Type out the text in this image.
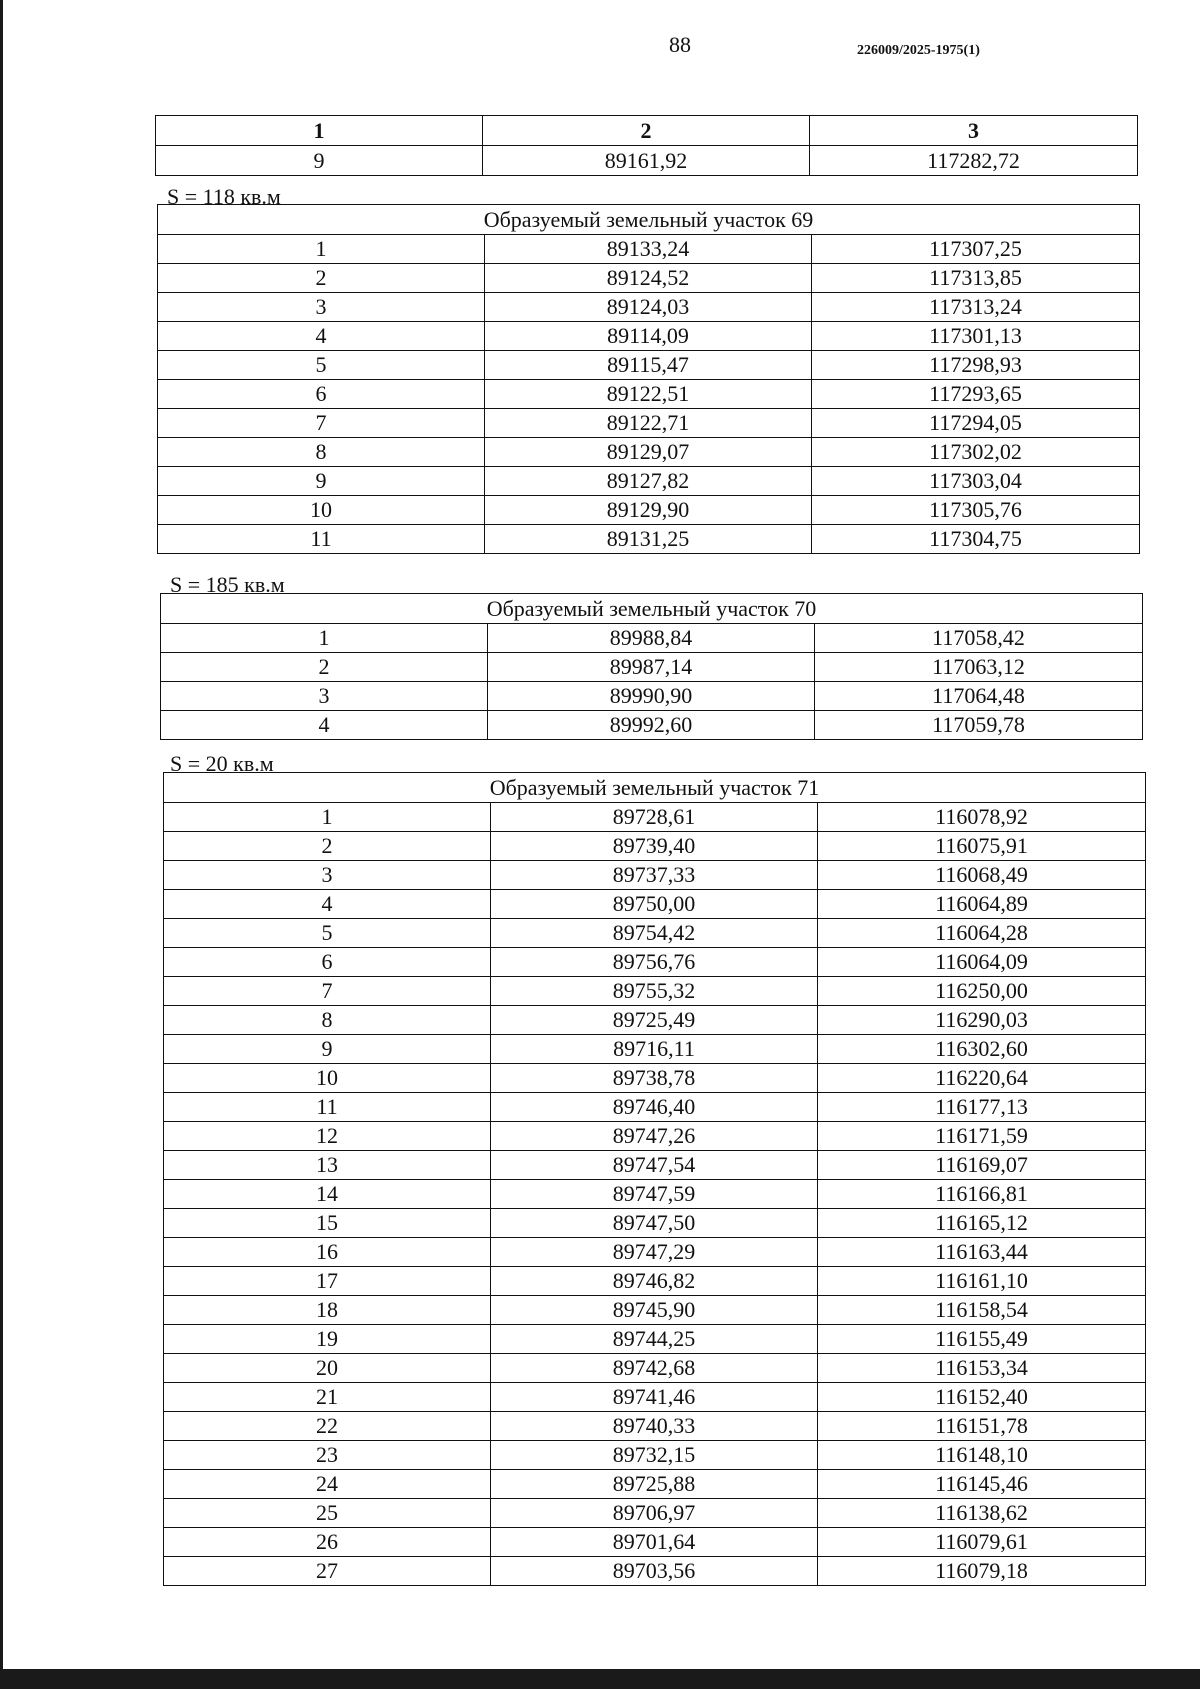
88	226009/2025-1975(1)
1	2	3
9	89161,92	117282,72
S = 118 кв.м
Образуемый земельный участок 69		
1	89133,24	117307,25
2	89124,52	117313,85
3	89124,03	117313,24
4	89114,09	117301,13
5	89115,47	117298,93
6	89122,51	117293,65
7	89122,71	117294,05
8	89129,07	117302,02
9	89127,82	117303,04
10	89129,90	117305,76
11	89131,25	117304,75
S = 185 кв.м
Образуемый земельный участок 70		
1	89988,84	117058,42
2	89987,14	117063,12
3	89990,90	117064,48
4	89992,60	117059,78
S = 20 кв.м
Образуемый земельный участок 71		
1	89728,61	116078,92
2	89739,40	116075,91
3	89737,33	116068,49
4	89750,00	116064,89
5	89754,42	116064,28
6	89756,76	116064,09
7	89755,32	116250,00
8	89725,49	116290,03
9	89716,11	116302,60
10	89738,78	116220,64
11	89746,40	116177,13
12	89747,26	116171,59
13	89747,54	116169,07
14	89747,59	116166,81
15	89747,50	116165,12
16	89747,29	116163,44
17	89746,82	116161,10
18	89745,90	116158,54
19	89744,25	116155,49
20	89742,68	116153,34
21	89741,46	116152,40
22	89740,33	116151,78
23	89732,15	116148,10
24	89725,88	116145,46
25	89706,97	116138,62
26	89701,64	116079,61
27	89703,56	116079,18
